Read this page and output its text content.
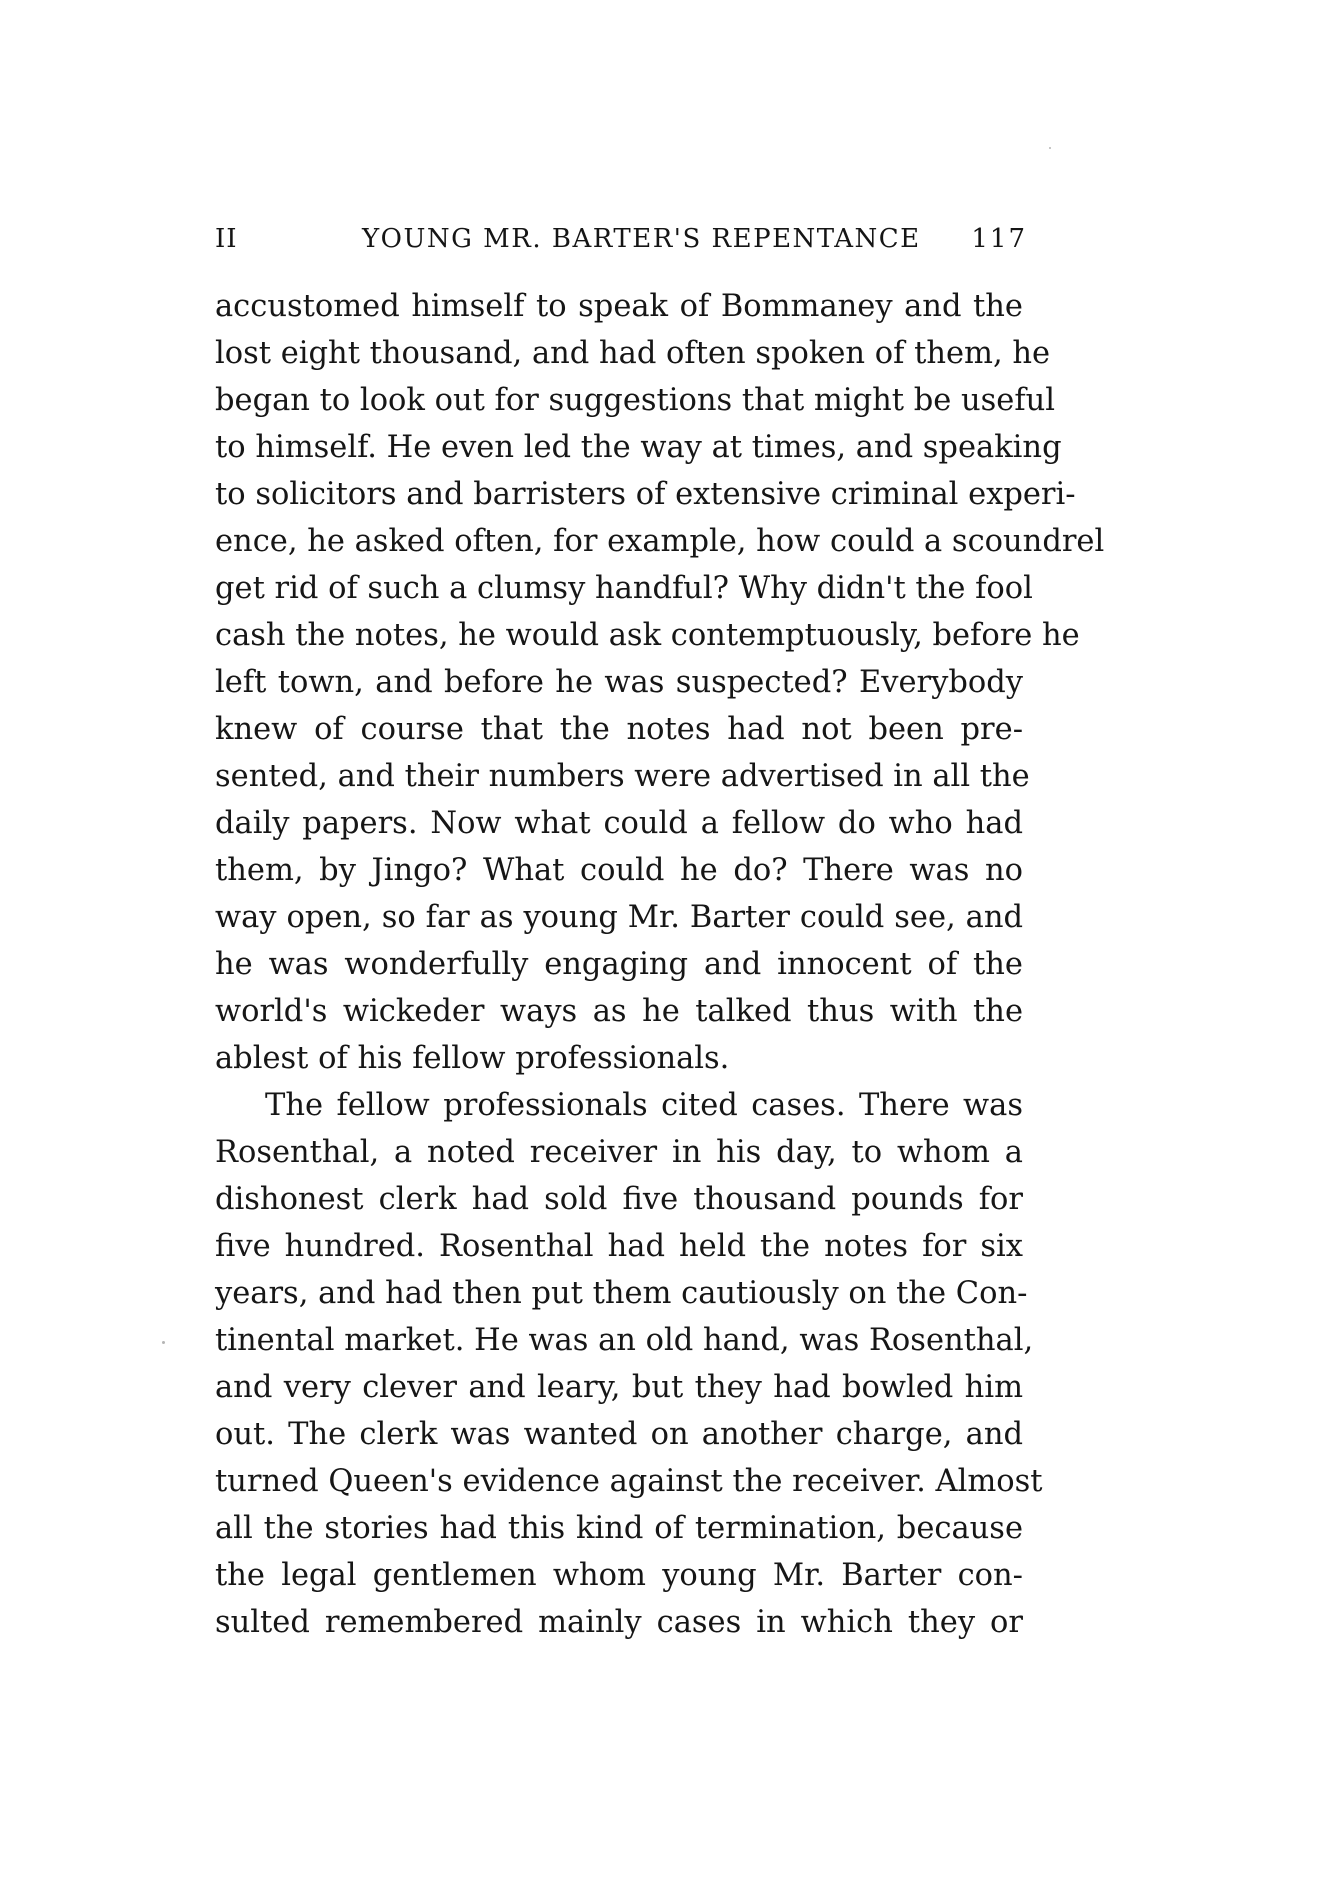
II	YOUNG MR. BARTER'S REPENTANCE 117
accustomed himself to speak of Bommaney and the
lost eight thousand, and had often spoken of them, he
began to look out for suggestions that might be useful
to himself. He even led the way at times, and speaking
to solicitors and barristers of extensive criminal experi-
ence, he asked often, for example, how could a scoundrel
get rid of such a clumsy handful? Why didn't the fool
cash the notes, he would ask contemptuously, before he
left town, and before he was suspected? Everybody
knew of course that the notes had not been pre-
sented, and their numbers were advertised in all the
daily papers. Now what could a fellow do who had
them, by Jingo? What could he do? There was no
way open, so far as young Mr. Barter could see, and
he was wonderfully engaging and innocent of the
world's wickeder ways as he talked thus with the
ablest of his fellow professionals.
The fellow professionals cited cases. There was
Rosenthal, a noted receiver in his day, to whom a
dishonest clerk had sold five thousand pounds for
five hundred. Rosenthal had held the notes for six
years, and had then put them cautiously on the Con-
tinental market. He was an old hand, was Rosenthal,
and very clever and leary, but they had bowled him
out. The clerk was wanted on another charge, and
turned Queen's evidence against the receiver. Almost
all the stories had this kind of termination, because
the legal gentlemen whom young Mr. Barter con-
sulted remembered mainly cases in which they or
